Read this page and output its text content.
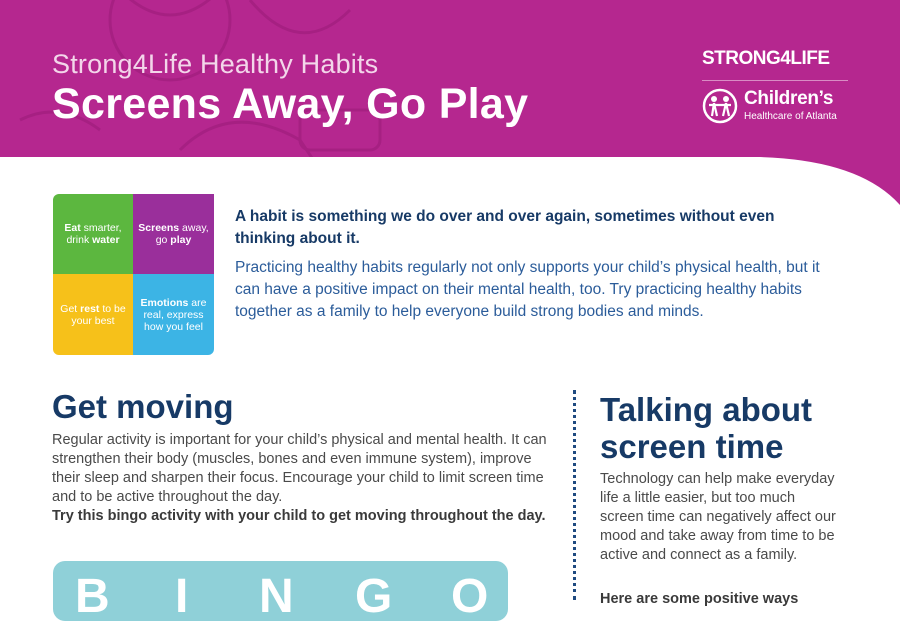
Strong4Life Healthy Habits
Screens Away, Go Play
STRONG4LIFE
Children’s
Healthcare of Atlanta
Eat smarter, drink water
Screens away, go play
Get rest to be your best
Emotions are real, express how you feel
A habit is something we do over and over again, sometimes without even thinking about it.
Practicing healthy habits regularly not only supports your child’s physical health, but it can have a positive impact on their mental health, too. Try practicing healthy habits together as a family to help everyone build strong bodies and minds.
Get moving
Regular activity is important for your child’s physical and mental health. It can strengthen their body (muscles, bones and even immune system), improve their sleep and sharpen their focus. Encourage your child to limit screen time and to be active throughout the day.
Try this bingo activity with your child to get moving throughout the day.
B I N G O
Talking about screen time
Technology can help make everyday life a little easier, but too much screen time can negatively affect our mood and take away from time to be active and connect as a family.
Here are some positive ways
